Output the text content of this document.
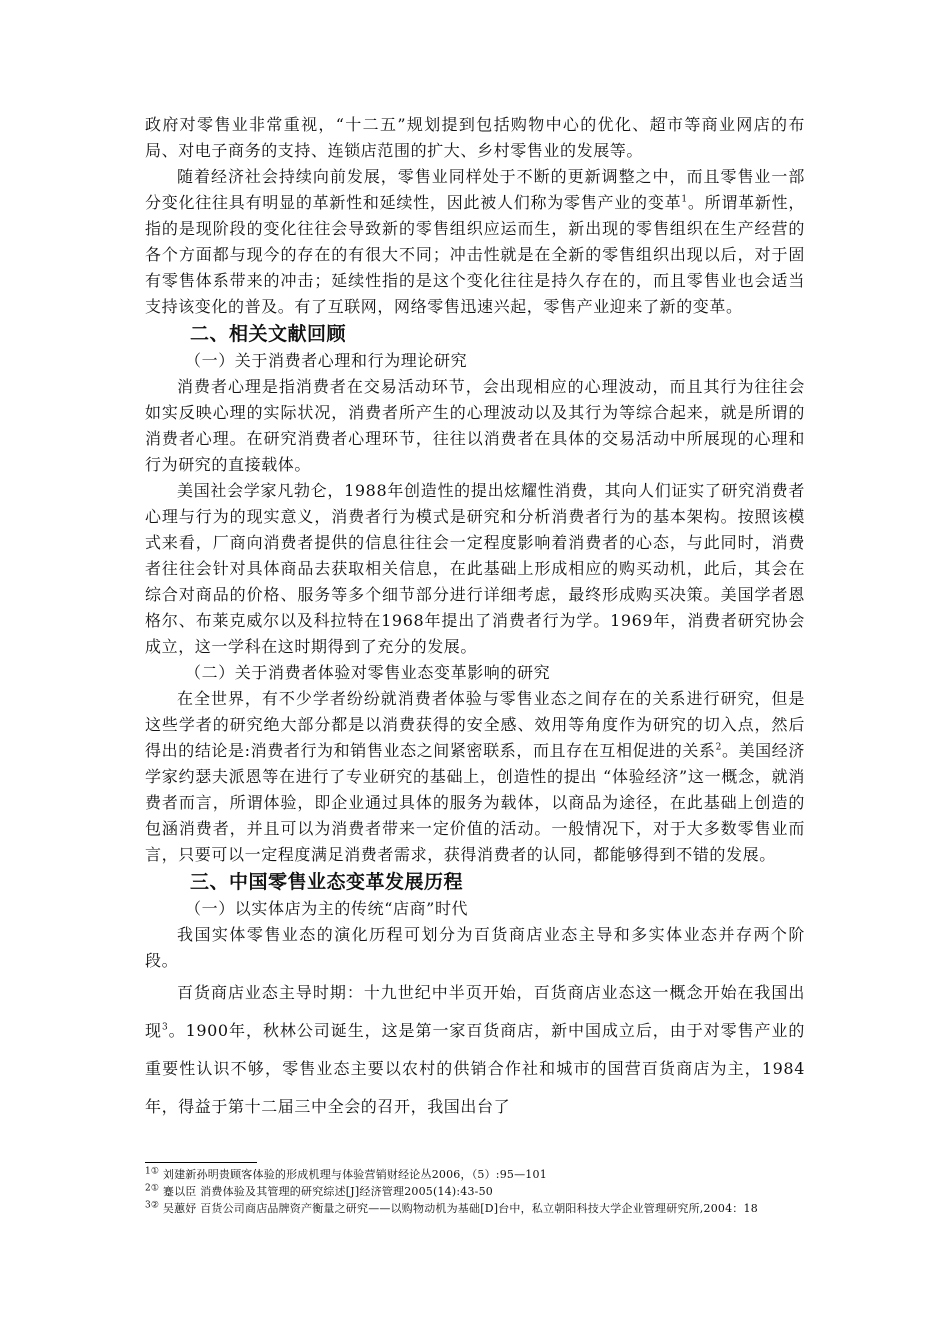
政府对零售业非常重视，“十二五”规划提到包括购物中心的优化、超市等商业网店的布局、对电子商务的支持、连锁店范围的扩大、乡村零售业的发展等。

随着经济社会持续向前发展，零售业同样处于不断的更新调整之中，而且零售业一部分变化往往具有明显的革新性和延续性，因此被人们称为零售产业的变革$^1$。所谓革新性，指的是现阶段的变化往往会导致新的零售组织应运而生，新出现的零售组织在生产经营的各个方面都与现今的存在的有很大不同；冲击性就是在全新的零售组织出现以后，对于固有零售体系带来的冲击；延续性指的是这个变化往往是持久存在的，而且零售业也会适当支持该变化的普及。有了互联网，网络零售迅速兴起，零售产业迎来了新的变革。

二、相关文献回顾
（一）关于消费者心理和行为理论研究

消费者心理是指消费者在交易活动环节，会出现相应的心理波动，而且其行为往往会如实反映心理的实际状况，消费者所产生的心理波动以及其行为等综合起来，就是所谓的消费者心理。在研究消费者心理环节，往往以消费者在具体的交易活动中所展现的心理和行为研究的直接载体。

美国社会学家凡勃仑，1988年创造性的提出炫耀性消费，其向人们证实了研究消费者心理与行为的现实意义，消费者行为模式是研究和分析消费者行为的基本架构。按照该模式来看，厂商向消费者提供的信息往往会一定程度影响着消费者的心态，与此同时，消费者往往会针对具体商品去获取相关信息，在此基础上形成相应的购买动机，此后，其会在综合对商品的价格、服务等多个细节部分进行详细考虑，最终形成购买决策。美国学者恩格尔、布莱克威尔以及科拉特在1968年提出了消费者行为学。1969年，消费者研究协会成立，这一学科在这时期得到了充分的发展。

（二）关于消费者体验对零售业态变革影响的研究

在全世界，有不少学者纷纷就消费者体验与零售业态之间存在的关系进行研究，但是这些学者的研究绝大部分都是以消费获得的安全感、效用等角度作为研究的切入点，然后得出的结论是:消费者行为和销售业态之间紧密联系，而且存在互相促进的关系$^2$。美国经济学家约瑟夫派恩等在进行了专业研究的基础上，创造性的提出 “体验经济”这一概念，就消费者而言，所谓体验，即企业通过具体的服务为载体，以商品为途径，在此基础上创造的包涵消费者，并且可以为消费者带来一定价值的活动。一般情况下，对于大多数零售业而言，只要可以一定程度满足消费者需求，获得消费者的认同，都能够得到不错的发展。

三、中国零售业态变革发展历程
（一）以实体店为主的传统“店商”时代

我国实体零售业态的演化历程可划分为百货商店业态主导和多实体业态并存两个阶段。

百货商店业态主导时期：十九世纪中半页开始，百货商店业态这一概念开始在我国出现$^3$。1900年，秋林公司诞生，这是第一家百货商店，新中国成立后，由于对零售产业的重要性认识不够，零售业态主要以农村的供销合作社和城市的国营百货商店为主，1984年，得益于第十二届三中全会的召开，我国出台了

$^{1①}$ 刘建新孙明贵顾客体验的形成机理与体验营销财经论丛2006，（5）:95—101
$^{2①}$ 蹇以臣 消费体验及其管理的研究综述[J]经济管理2005(14):43-50
$^{3②}$ 吴蕙妤 百货公司商店品牌资产衡量之研究——以购物动机为基础[D]台中，私立朝阳科技大学企业管理研究所,2004：18
